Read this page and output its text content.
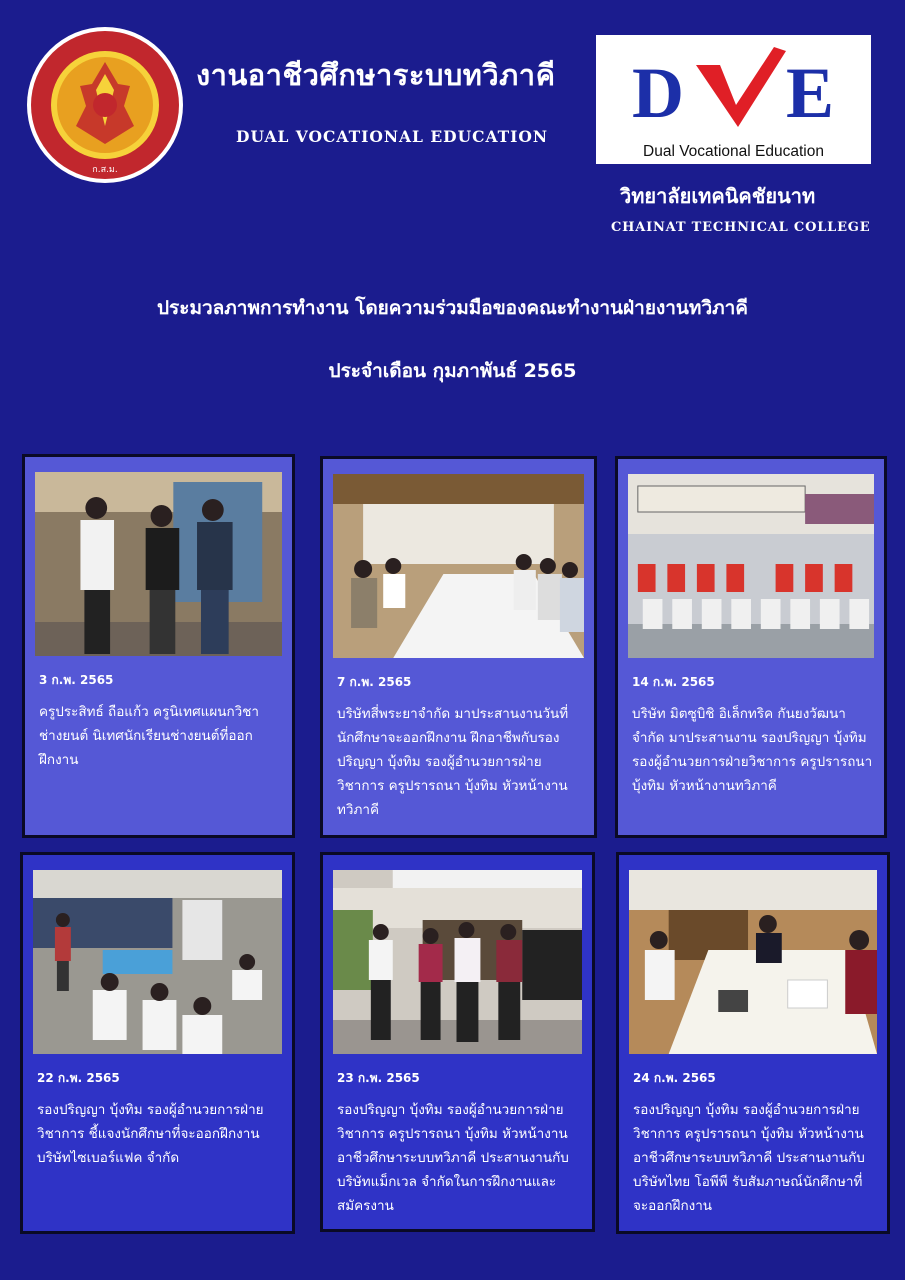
ก.ส.ม.
งานอาชีวศึกษาระบบทวิภาคี
DUAL VOCATIONAL EDUCATION
D E
Dual Vocational Education
วิทยาลัยเทคนิคชัยนาท
CHAINAT TECHNICAL COLLEGE
ประมวลภาพการทำงาน โดยความร่วมมือของคณะทำงานฝ่ายงานทวิภาคี
ประจำเดือน กุมภาพันธ์ 2565
3 ก.พ. 2565
ครูประสิทธ์ ถือแก้ว ครูนิเทศแผนกวิชาช่างยนต์ นิเทศนักเรียนช่างยนต์ที่ออกฝึกงาน
7 ก.พ. 2565
บริษัทสี่พระยาจำกัด มาประสานงานวันที่นักศึกษาจะออกฝึกงาน ฝึกอาชีพกับรองปริญญา บุ้งทิม รองผู้อำนวยการฝ่ายวิชาการ ครูปรารถนา บุ้งทิม หัวหน้างานทวิภาคี
14 ก.พ. 2565
บริษัท มิตซูบิชิ อิเล็กทริค กันยงวัฒนา จำกัด มาประสานงาน รองปริญญา บุ้งทิม รองผู้อำนวยการฝ่ายวิชาการ ครูปรารถนา บุ้งทิม หัวหน้างานทวิภาคี
22 ก.พ. 2565
รองปริญญา บุ้งทิม รองผู้อำนวยการฝ่ายวิชาการ ชี้แจงนักศึกษาที่จะออกฝึกงาน บริษัทไซเบอร์แฟค จำกัด
23 ก.พ. 2565
รองปริญญา บุ้งทิม รองผู้อำนวยการฝ่ายวิชาการ ครูปรารถนา บุ้งทิม หัวหน้างานอาชีวศึกษาระบบทวิภาคี ประสานงานกับบริษัทแม็กเวล จำกัดในการฝึกงานและสมัครงาน
24 ก.พ. 2565
รองปริญญา บุ้งทิม รองผู้อำนวยการฝ่ายวิชาการ ครูปรารถนา บุ้งทิม หัวหน้างานอาชีวศึกษาระบบทวิภาคี ประสานงานกับบริษัทไทย โอพีพี รับสัมภาษณ์นักศึกษาที่จะออกฝึกงาน
